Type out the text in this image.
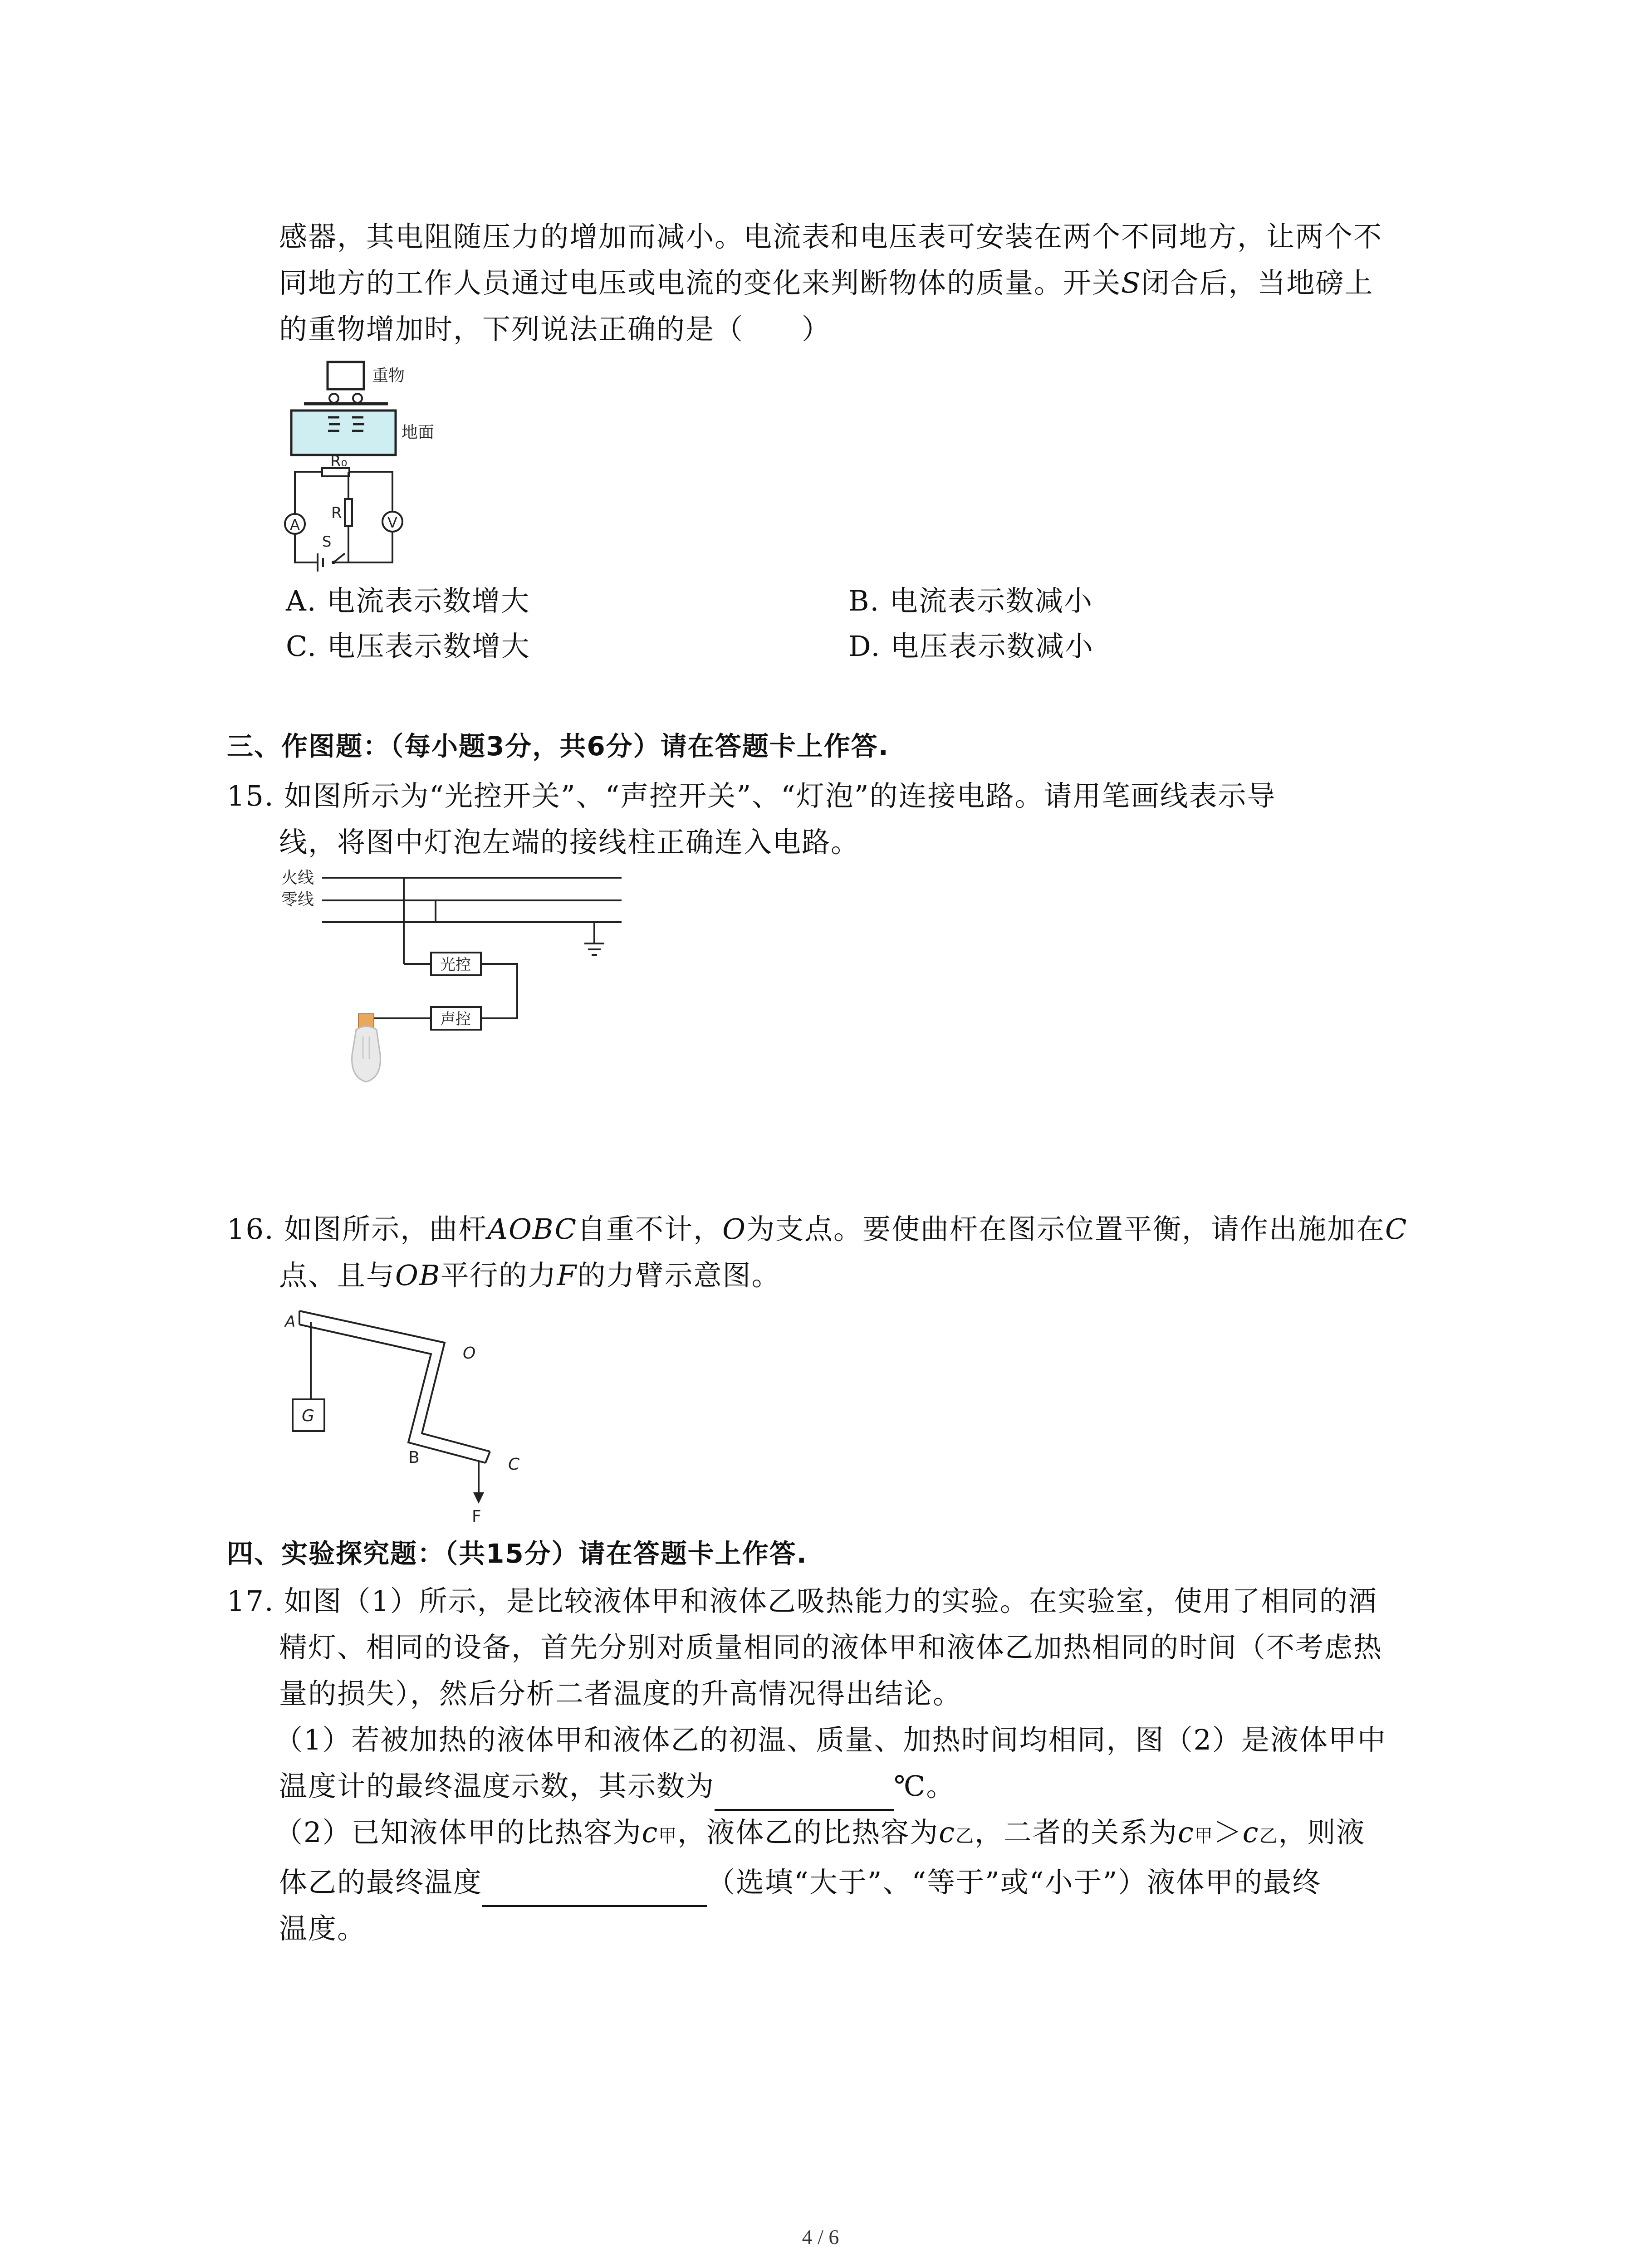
感器，其电阻随压力的增加而减小。电流表和电压表可安装在两个不同地方，让两个不
同地方的工作人员通过电压或电流的变化来判断物体的质量。开关S闭合后，当地磅上
的重物增加时，下列说法正确的是（　　）
重物
地面
R₀
R
A	V
S
A. 电流表示数增大	B. 电流表示数减小
C. 电压表示数增大	D. 电压表示数减小
三、作图题：（每小题3分，共6分）请在答题卡上作答.
15. 如图所示为“光控开关”、“声控开关”、“灯泡”的连接电路。请用笔画线表示导
线，将图中灯泡左端的接线柱正确连入电路。
火线
零线
光控
声控
16. 如图所示，曲杆AOBC自重不计，O为支点。要使曲杆在图示位置平衡，请作出施加在C
点、且与OB平行的力F的力臂示意图。
A
O
G
B	C
F
四、实验探究题：（共15分）请在答题卡上作答.
17. 如图（1）所示，是比较液体甲和液体乙吸热能力的实验。在实验室，使用了相同的酒
精灯、相同的设备，首先分别对质量相同的液体甲和液体乙加热相同的时间（不考虑热
量的损失），然后分析二者温度的升高情况得出结论。
（1）若被加热的液体甲和液体乙的初温、质量、加热时间均相同，图（2）是液体甲中
温度计的最终温度示数，其示数为	℃。
（2）已知液体甲的比热容为c甲，液体乙的比热容为c乙，二者的关系为c甲＞c乙，则液
体乙的最终温度	（选填“大于”、“等于”或“小于”）液体甲的最终
温度。
4 / 6
